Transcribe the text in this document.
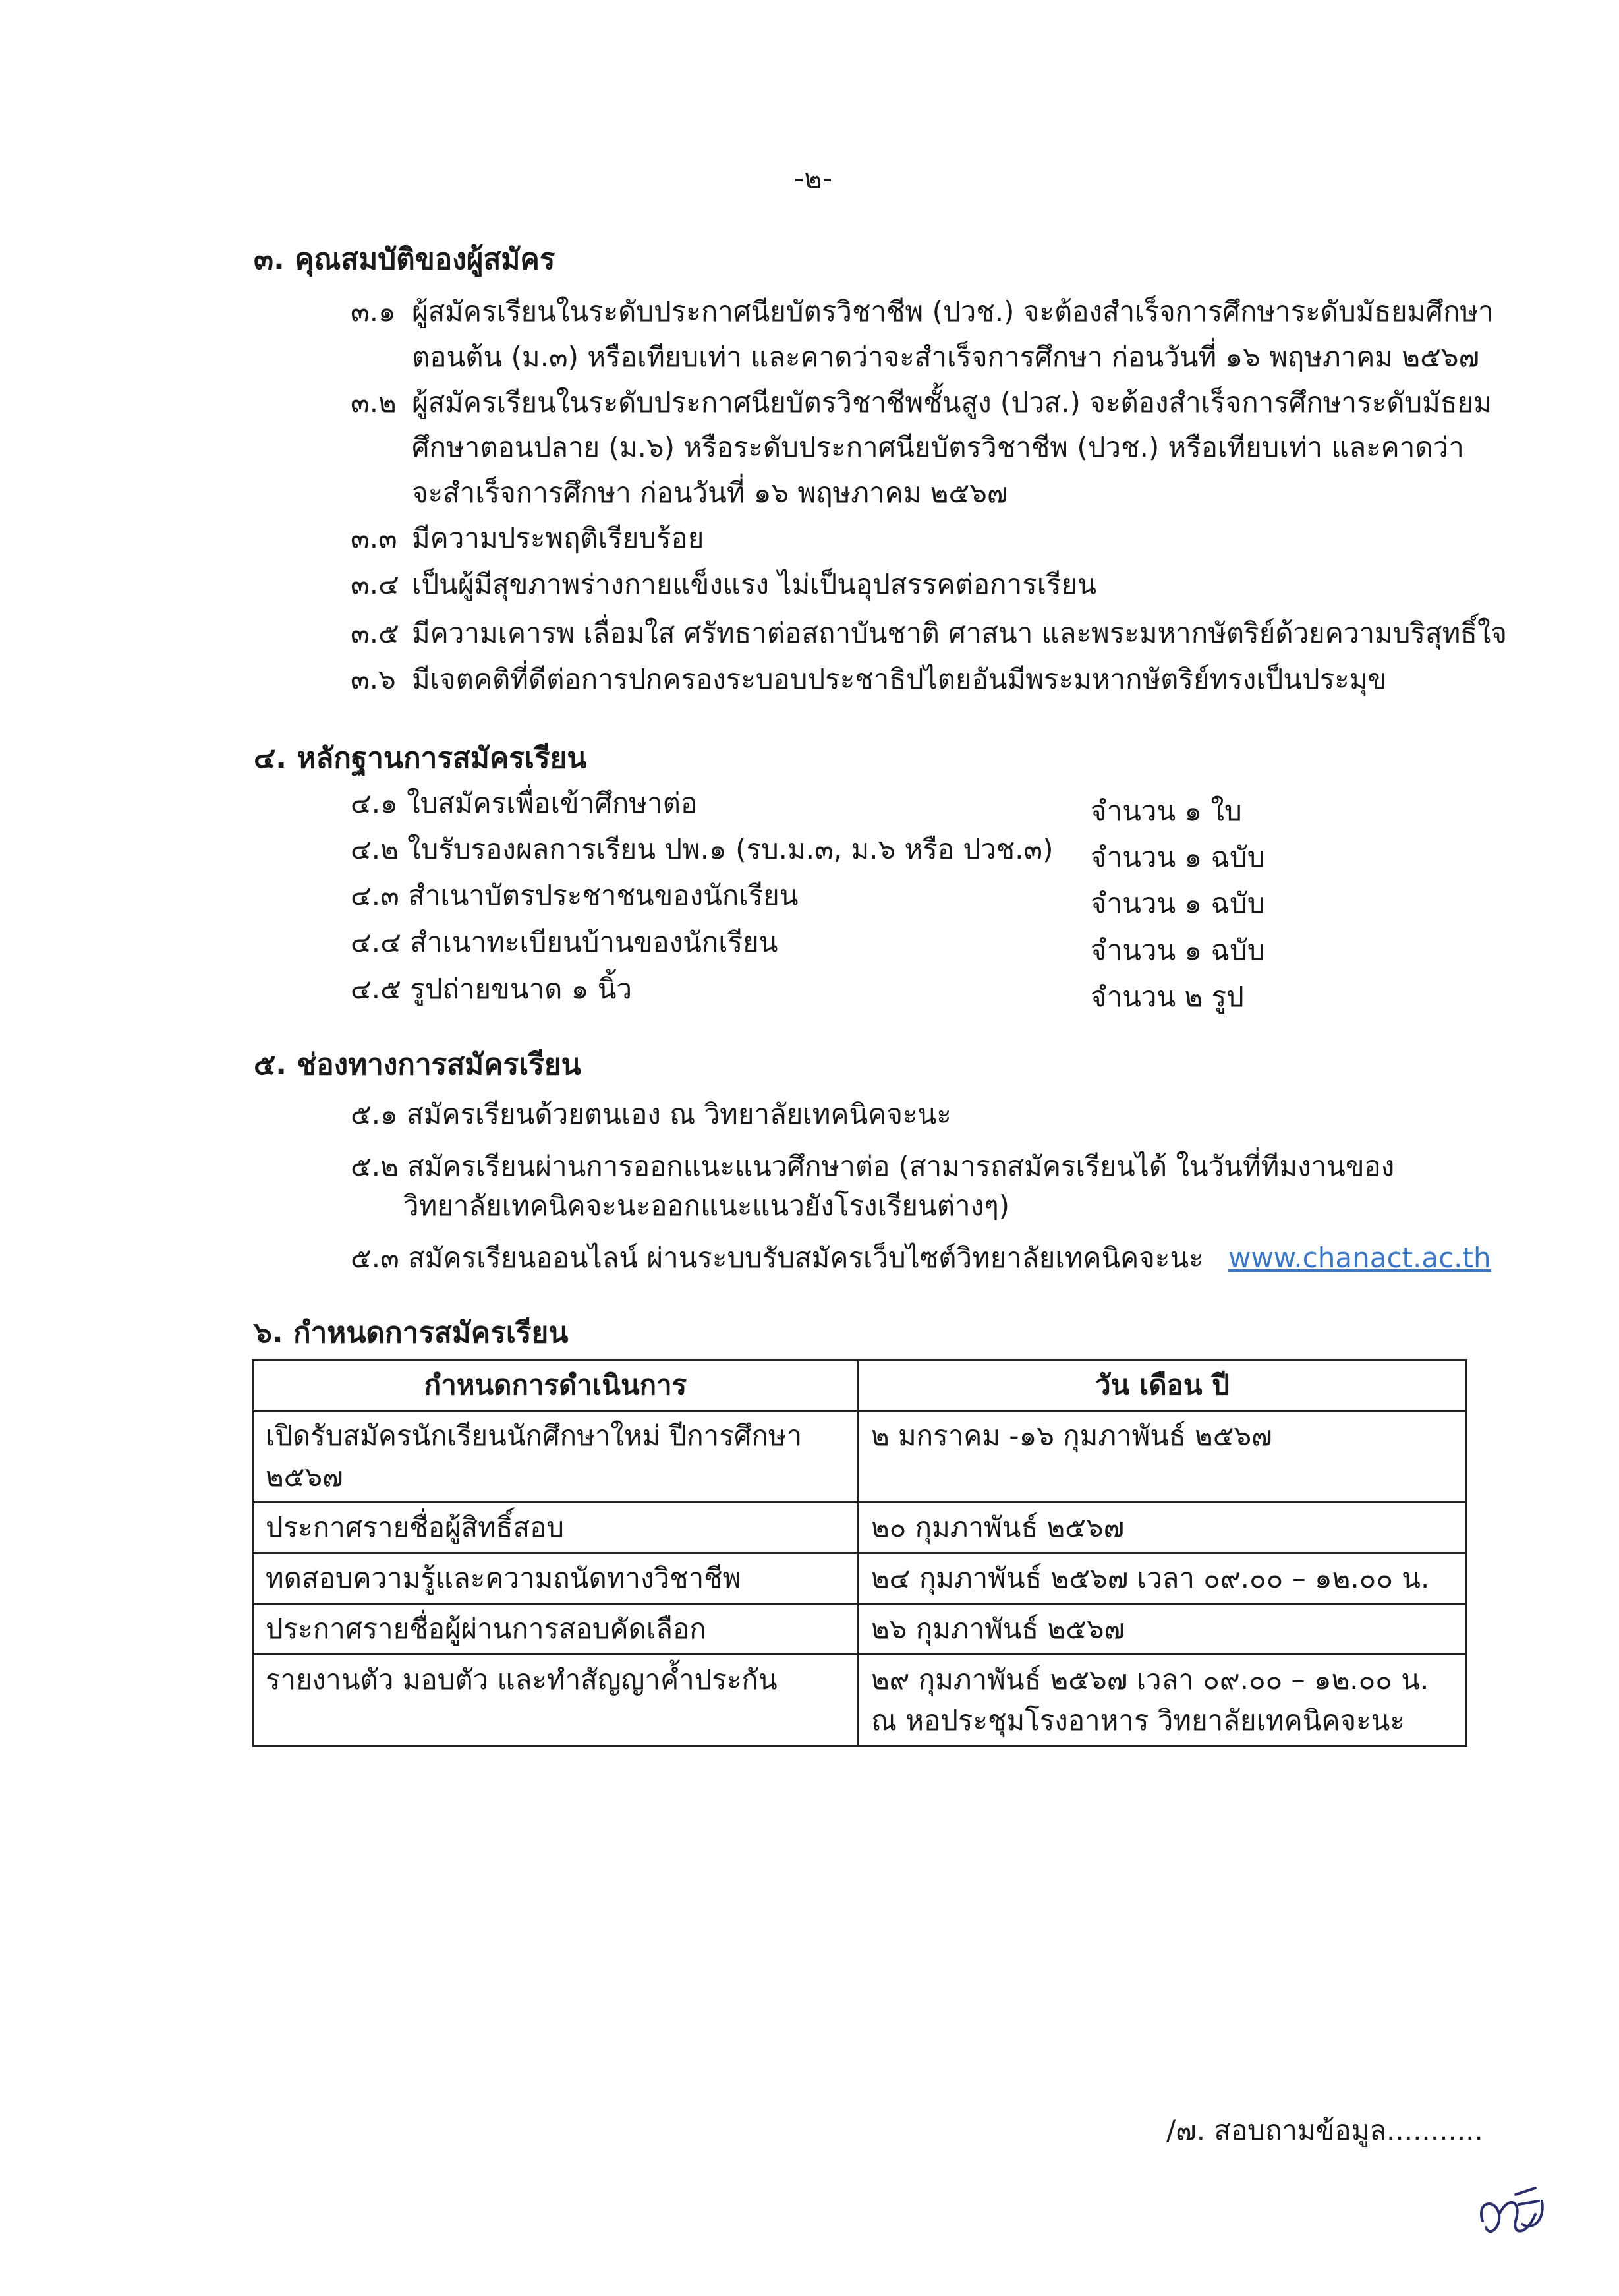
-๒-
๓. คุณสมบัติของผู้สมัคร
๓.๑ ผู้สมัครเรียนในระดับประกาศนียบัตรวิชาชีพ (ปวช.) จะต้องสำเร็จการศึกษาระดับมัธยมศึกษา
ตอนต้น (ม.๓) หรือเทียบเท่า และคาดว่าจะสำเร็จการศึกษา ก่อนวันที่ ๑๖ พฤษภาคม ๒๕๖๗
๓.๒ ผู้สมัครเรียนในระดับประกาศนียบัตรวิชาชีพชั้นสูง (ปวส.) จะต้องสำเร็จการศึกษาระดับมัธยม
ศึกษาตอนปลาย (ม.๖) หรือระดับประกาศนียบัตรวิชาชีพ (ปวช.) หรือเทียบเท่า และคาดว่า
จะสำเร็จการศึกษา ก่อนวันที่ ๑๖ พฤษภาคม ๒๕๖๗
๓.๓ มีความประพฤติเรียบร้อย
๓.๔ เป็นผู้มีสุขภาพร่างกายแข็งแรง ไม่เป็นอุปสรรคต่อการเรียน
๓.๕ มีความเคารพ เลื่อมใส ศรัทธาต่อสถาบันชาติ ศาสนา และพระมหากษัตริย์ด้วยความบริสุทธิ์ใจ
๓.๖ มีเจตคติที่ดีต่อการปกครองระบอบประชาธิปไตยอันมีพระมหากษัตริย์ทรงเป็นประมุข
๔. หลักฐานการสมัครเรียน
๔.๑ ใบสมัครเพื่อเข้าศึกษาต่อ	จำนวน ๑ ใบ
๔.๒ ใบรับรองผลการเรียน ปพ.๑ (รบ.ม.๓, ม.๖ หรือ ปวช.๓) จำนวน ๑ ฉบับ
๔.๓ สำเนาบัตรประชาชนของนักเรียน	จำนวน ๑ ฉบับ
๔.๔ สำเนาทะเบียนบ้านของนักเรียน	จำนวน ๑ ฉบับ
๔.๕ รูปถ่ายขนาด ๑ นิ้ว	จำนวน ๒ รูป
๕. ช่องทางการสมัครเรียน
๕.๑ สมัครเรียนด้วยตนเอง ณ วิทยาลัยเทคนิคจะนะ
๕.๒ สมัครเรียนผ่านการออกแนะแนวศึกษาต่อ (สามารถสมัครเรียนได้ ในวันที่ทีมงานของ
วิทยาลัยเทคนิคจะนะออกแนะแนวยังโรงเรียนต่างๆ)
๕.๓ สมัครเรียนออนไลน์ ผ่านระบบรับสมัครเว็บไซต์วิทยาลัยเทคนิคจะนะ www.chanact.ac.th
๖. กำหนดการสมัครเรียน
กำหนดการดำเนินการ	วัน เดือน ปี
เปิดรับสมัครนักเรียนนักศึกษาใหม่ ปีการศึกษา ๒๕๖๗	๒ มกราคม -๑๖ กุมภาพันธ์ ๒๕๖๗
ประกาศรายชื่อผู้สิทธิ์สอบ	๒๐ กุมภาพันธ์ ๒๕๖๗
ทดสอบความรู้และความถนัดทางวิชาชีพ	๒๔ กุมภาพันธ์ ๒๕๖๗ เวลา ๐๙.๐๐ – ๑๒.๐๐ น.
ประกาศรายชื่อผู้ผ่านการสอบคัดเลือก	๒๖ กุมภาพันธ์ ๒๕๖๗
รายงานตัว มอบตัว และทำสัญญาค้ำประกัน	๒๙ กุมภาพันธ์ ๒๕๖๗ เวลา ๐๙.๐๐ – ๑๒.๐๐ น.
ณ หอประชุมโรงอาหาร วิทยาลัยเทคนิคจะนะ
/๗. สอบถามข้อมูล...........
